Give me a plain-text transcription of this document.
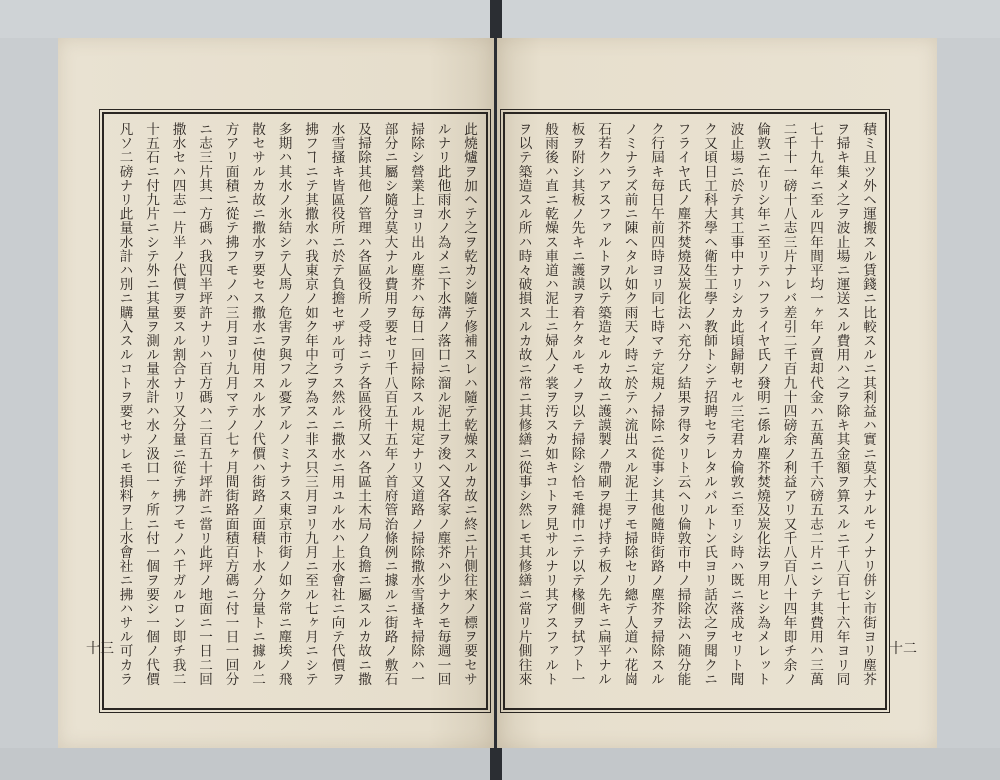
此燒爐ヲ加ヘテ之ヲ乾カシ隨テ修補スレハ隨テ乾燥スルカ故ニ終ニ片側往來ノ標ヲ要セサルナリ此他雨水ノ為メニ下水溝ノ落口ニ溜ル泥土ヲ浚ヘ又各家ノ塵芥ハ少ナクモ毎週一回掃除シ營業上ヨリ出ル塵芥ハ毎日一回掃除スル規定ナリ又道路ノ掃除撒水雪搔キ掃除ハ一部分ニ屬シ隨分莫大ナル費用ヲ要セリ千八百五十五年ノ首府管治條例ニ據ルニ街路ノ敷石及掃除其他ノ管理ハ各區役所ノ受持ニテ各區役所又ハ各區土木局ノ負擔ニ屬スルカ故ニ撒水雪搔キ皆區役所ニ於テ負擔セザル可ラス然ルニ撒水ニ用ユル水ハ上水會社ニ向テ代價ヲ拂フヿニテ其撒水ハ我東京ノ如ク年中之ヲ為スニ非ス只三月ヨリ九月ニ至ル七ヶ月ニシテ多期ハ其水ノ氷結シテ人馬ノ危害ヲ與フル憂アルノミナラス東京市街ノ如ク常ニ塵埃ノ飛散セサルカ故ニ撒水ヲ要セス撒水ニ使用スル水ノ代價ハ街路ノ面積ト水ノ分量トニ據ル二方アリ面積ニ從テ拂フモノハ三月ヨリ九月マテノ七ヶ月間街路面積百方碼ニ付一日一回分ニ志三片其一方碼ハ我四半坪許ナリハ百方碼ハ二百五十坪許ニ當リ此坪ノ地面ニ一日二回撒水セハ四志一片半ノ代價ヲ要スル割合ナリ又分量ニ從テ拂フモノハ千ガルロン即チ我二十五石ニ付九片ニシテ外ニ其量ヲ測ル量水計ハ水ノ汲口一ヶ所ニ付一個ヲ要シ一個ノ代價凡ソ二磅ナリ此量水計ハ別ニ購入スルコトヲ要セサレモ損料ヲ上水會社ニ拂ハサル可カラ

十三

積ミ且ツ外ヘ運搬スル賃錢ニ比較スルニ其利益ハ實ニ莫大ナルモノナリ併シ市街ヨリ塵芥ヲ掃キ集メ之ヲ波止場ニ運送スル費用ハ之ヲ除キ其金額ヲ算スルニ千八百七十六年ヨリ同七十九年ニ至ル四年間平均一ヶ年ノ賣却代金ハ五萬五千六磅五志二片ニシテ其費用ハ三萬二千十一磅十八志三片ナレバ差引二千百九十四磅余ノ利益アリ又千八百八十四年即チ余ノ倫敦ニ在リシ年ニ至リテハフライヤ氏ノ發明ニ係ル塵芥焚燒及炭化法ヲ用ヒシ為メレット波止場ニ於テ其工事中ナリシカ此頃歸朝セル三宅君カ倫敦ニ至リシ時ハ既ニ落成セリト聞ク又頃日工科大學ヘ衛生工學ノ教師トシテ招聘セラレタルバルトン氏ヨリ話次之ヲ聞クニフライヤ氏ノ塵芥焚燒及炭化法ハ充分ノ結果ヲ得タリト云ヘリ倫敦市中ノ掃除法ハ随分能ク行屆キ毎日午前四時ヨリ同七時マテ定規ノ掃除ニ從事シ其他隨時街路ノ塵芥ヲ掃除スルノミナラズ前ニ陳ヘタル如ク雨天ノ時ニ於テハ流出スル泥土ヲモ掃除セリ總テ人道ハ花崗石若クハアスファルトヲ以テ築造セルカ故ニ護謨製ノ帶刷ヲ提げ持チ板ノ先キニ扁平ナル板ヲ附シ其板ノ先キニ護謨ヲ着ケタルモノヲ以テ掃除シ恰モ雜巾ニテ以テ椽側ヲ拭フト一般雨後ハ直ニ乾燥ス車道ハ泥土ニ婦人ノ裳ヲ汚スカ如キコトヲ見サルナリ其アスファルトヲ以テ築造スル所ハ時々破損スルカ故ニ常ニ其修繕ニ從事シ然レモ其修繕ニ當リ片側往來

十二
